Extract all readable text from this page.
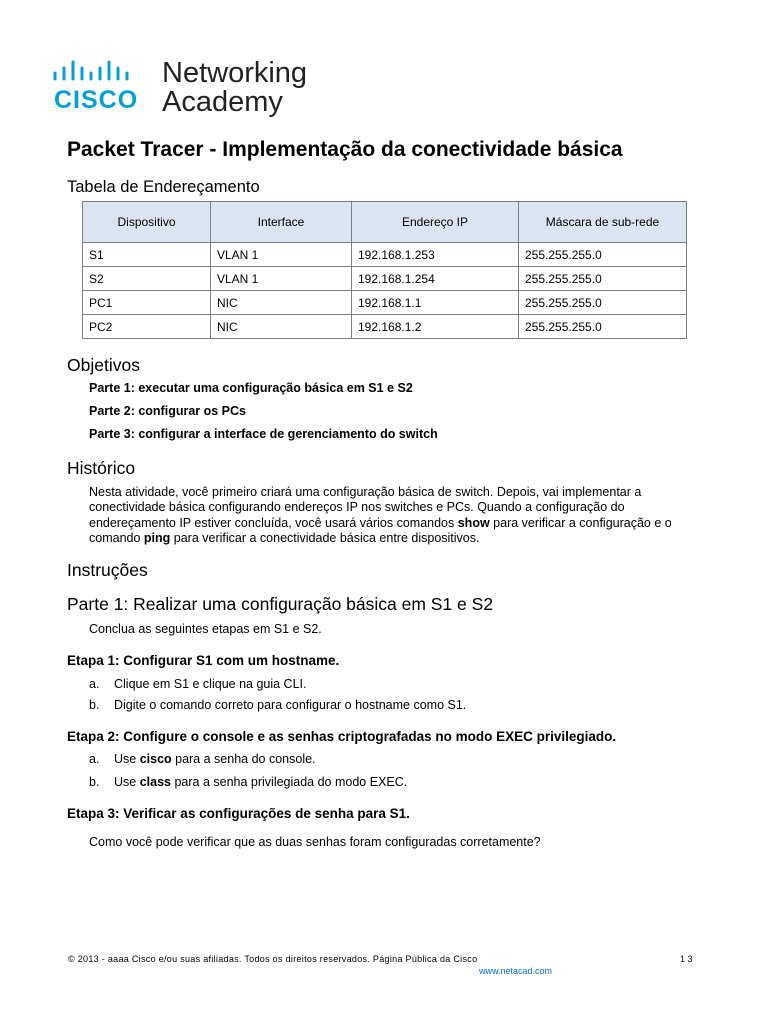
CISCO
Networking
Academy
Packet Tracer - Implementação da conectividade básica
Tabela de Endereçamento
Dispositivo	Interface	Endereço IP	Máscara de sub-rede
S1	VLAN 1	192.168.1.253	255.255.255.0
S2	VLAN 1	192.168.1.254	255.255.255.0
PC1	NIC	192.168.1.1	255.255.255.0
PC2	NIC	192.168.1.2	255.255.255.0
Objetivos
Parte 1: executar uma configuração básica em S1 e S2
Parte 2: configurar os PCs
Parte 3: configurar a interface de gerenciamento do switch
Histórico
Nesta atividade, você primeiro criará uma configuração básica de switch. Depois, vai implementar a conectividade básica configurando endereços IP nos switches e PCs. Quando a configuração do endereçamento IP estiver concluída, você usará vários comandos show para verificar a configuração e o comando ping para verificar a conectividade básica entre dispositivos.
Instruções
Parte 1: Realizar uma configuração básica em S1 e S2
Conclua as seguintes etapas em S1 e S2.
Etapa 1: Configurar S1 com um hostname.
a. Clique em S1 e clique na guia CLI.
b. Digite o comando correto para configurar o hostname como S1.
Etapa 2: Configure o console e as senhas criptografadas no modo EXEC privilegiado.
a. Use cisco para a senha do console.
b. Use class para a senha privilegiada do modo EXEC.
Etapa 3: Verificar as configurações de senha para S1.
Como você pode verificar que as duas senhas foram configuradas corretamente?
© 2013 - aaaa Cisco e/ou suas afiliadas. Todos os direitos reservados. Página Pública da Cisco	1 3
www.netacad.com
